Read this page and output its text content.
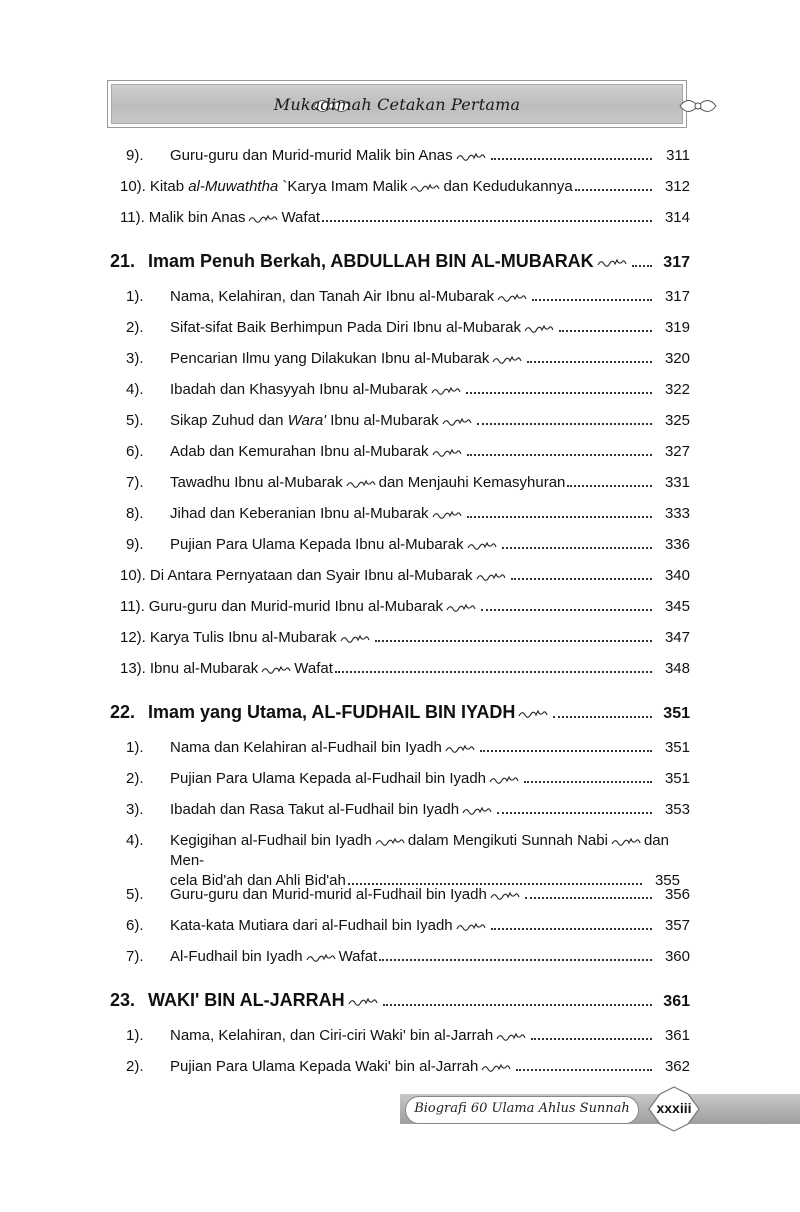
Mukadimah Cetakan Pertama
9).	Guru-guru dan Murid-murid Malik bin Anas	311
10). Kitab al-Muwaththa `Karya Imam Malik dan Kedudukannya	312
11). Malik bin Anas Wafat	314
21. Imam Penuh Berkah, ABDULLAH BIN AL-MUBARAK	317
1).	Nama, Kelahiran, dan Tanah Air Ibnu al-Mubarak	317
2).	Sifat-sifat Baik Berhimpun Pada Diri Ibnu al-Mubarak	319
3).	Pencarian Ilmu yang Dilakukan Ibnu al-Mubarak	320
4).	Ibadah dan Khasyyah Ibnu al-Mubarak	322
5).	Sikap Zuhud dan Wara' Ibnu al-Mubarak	325
6).	Adab dan Kemurahan Ibnu al-Mubarak	327
7).	Tawadhu Ibnu al-Mubarak dan Menjauhi Kemasyhuran	331
8).	Jihad dan Keberanian Ibnu al-Mubarak	333
9).	Pujian Para Ulama Kepada Ibnu al-Mubarak	336
10). Di Antara Pernyataan dan Syair Ibnu al-Mubarak	340
11). Guru-guru dan Murid-murid Ibnu al-Mubarak	345
12). Karya Tulis Ibnu al-Mubarak	347
13). Ibnu al-Mubarak Wafat	348
22. Imam yang Utama, AL-FUDHAIL BIN IYADH	351
1).	Nama dan Kelahiran al-Fudhail bin Iyadh	351
2).	Pujian Para Ulama Kepada al-Fudhail bin Iyadh	351
3).	Ibadah dan Rasa Takut al-Fudhail bin Iyadh	353
4).	Kegigihan al-Fudhail bin Iyadh dalam Mengikuti Sunnah Nabi dan Men-
cela Bid'ah dan Ahli Bid'ah	355
5).	Guru-guru dan Murid-murid al-Fudhail bin Iyadh	356
6).	Kata-kata Mutiara dari al-Fudhail bin Iyadh	357
7).	Al-Fudhail bin Iyadh Wafat	360
23. WAKI' BIN AL-JARRAH	361
1).	Nama, Kelahiran, dan Ciri-ciri Waki' bin al-Jarrah	361
2).	Pujian Para Ulama Kepada Waki' bin al-Jarrah	362
Biografi 60 Ulama Ahlus Sunnah	xxxiii
